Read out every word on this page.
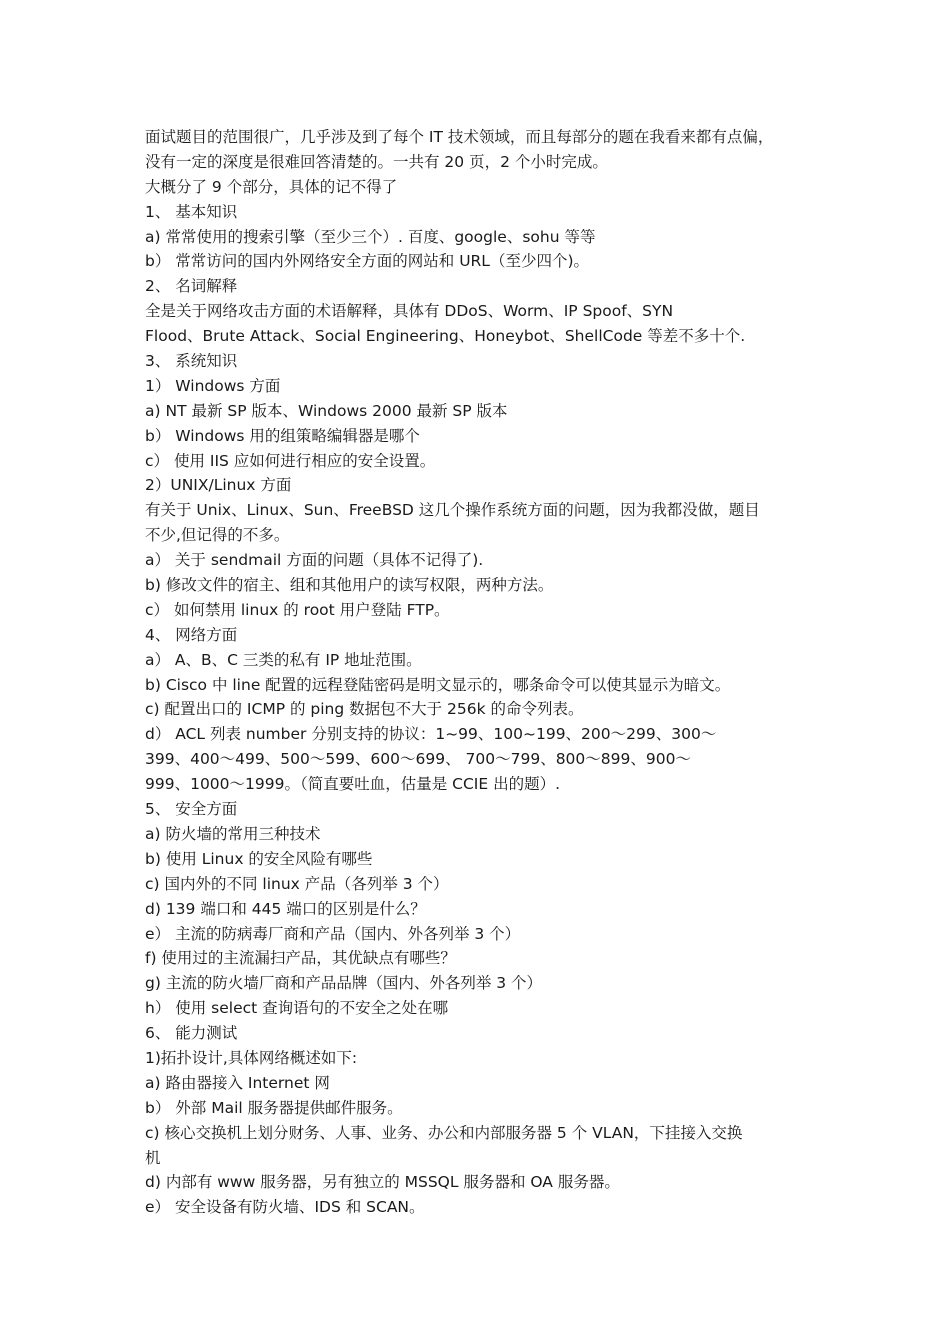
面试题目的范围很广，几乎涉及到了每个 IT 技术领域，而且每部分的题在我看来都有点偏，
没有一定的深度是很难回答清楚的。一共有 20 页，2 个小时完成。
大概分了 9 个部分，具体的记不得了
1、 基本知识
a) 常常使用的搜索引擎（至少三个）. 百度、google、sohu 等等
b） 常常访问的国内外网络安全方面的网站和 URL（至少四个)。
2、 名词解释
全是关于网络攻击方面的术语解释，具体有 DDoS、Worm、IP Spoof、SYN
Flood、Brute Attack、Social Engineering、Honeybot、ShellCode 等差不多十个.
3、 系统知识
1） Windows 方面
a) NT 最新 SP 版本、Windows 2000 最新 SP 版本
b） Windows 用的组策略编辑器是哪个
c） 使用 IIS 应如何进行相应的安全设置。
2）UNIX/Linux 方面
有关于 Unix、Linux、Sun、FreeBSD 这几个操作系统方面的问题，因为我都没做，题目
不少,但记得的不多。
a） 关于 sendmail 方面的问题（具体不记得了).
b) 修改文件的宿主、组和其他用户的读写权限，两种方法。
c） 如何禁用 linux 的 root 用户登陆 FTP。
4、 网络方面
a） A、B、C 三类的私有 IP 地址范围。
b) Cisco 中 line 配置的远程登陆密码是明文显示的，哪条命令可以使其显示为暗文。
c) 配置出口的 ICMP 的 ping 数据包不大于 256k 的命令列表。
d） ACL 列表 number 分别支持的协议：1~99、100~199、200～299、300～
399、400～499、500～599、600～699、 700～799、800～899、900～
999、1000～1999。（简直要吐血，估量是 CCIE 出的题）.
5、 安全方面
a) 防火墙的常用三种技术
b) 使用 Linux 的安全风险有哪些
c) 国内外的不同 linux 产品（各列举 3 个）
d) 139 端口和 445 端口的区别是什么？
e） 主流的防病毒厂商和产品（国内、外各列举 3 个）
f) 使用过的主流漏扫产品，其优缺点有哪些？
g) 主流的防火墙厂商和产品品牌（国内、外各列举 3 个）
h） 使用 select 查询语句的不安全之处在哪
6、 能力测试
1)拓扑设计,具体网络概述如下:
a) 路由器接入 Internet 网
b） 外部 Mail 服务器提供邮件服务。
c) 核心交换机上划分财务、人事、业务、办公和内部服务器 5 个 VLAN，下挂接入交换
机
d) 内部有 www 服务器，另有独立的 MSSQL 服务器和 OA 服务器。
e） 安全设备有防火墙、IDS 和 SCAN。
